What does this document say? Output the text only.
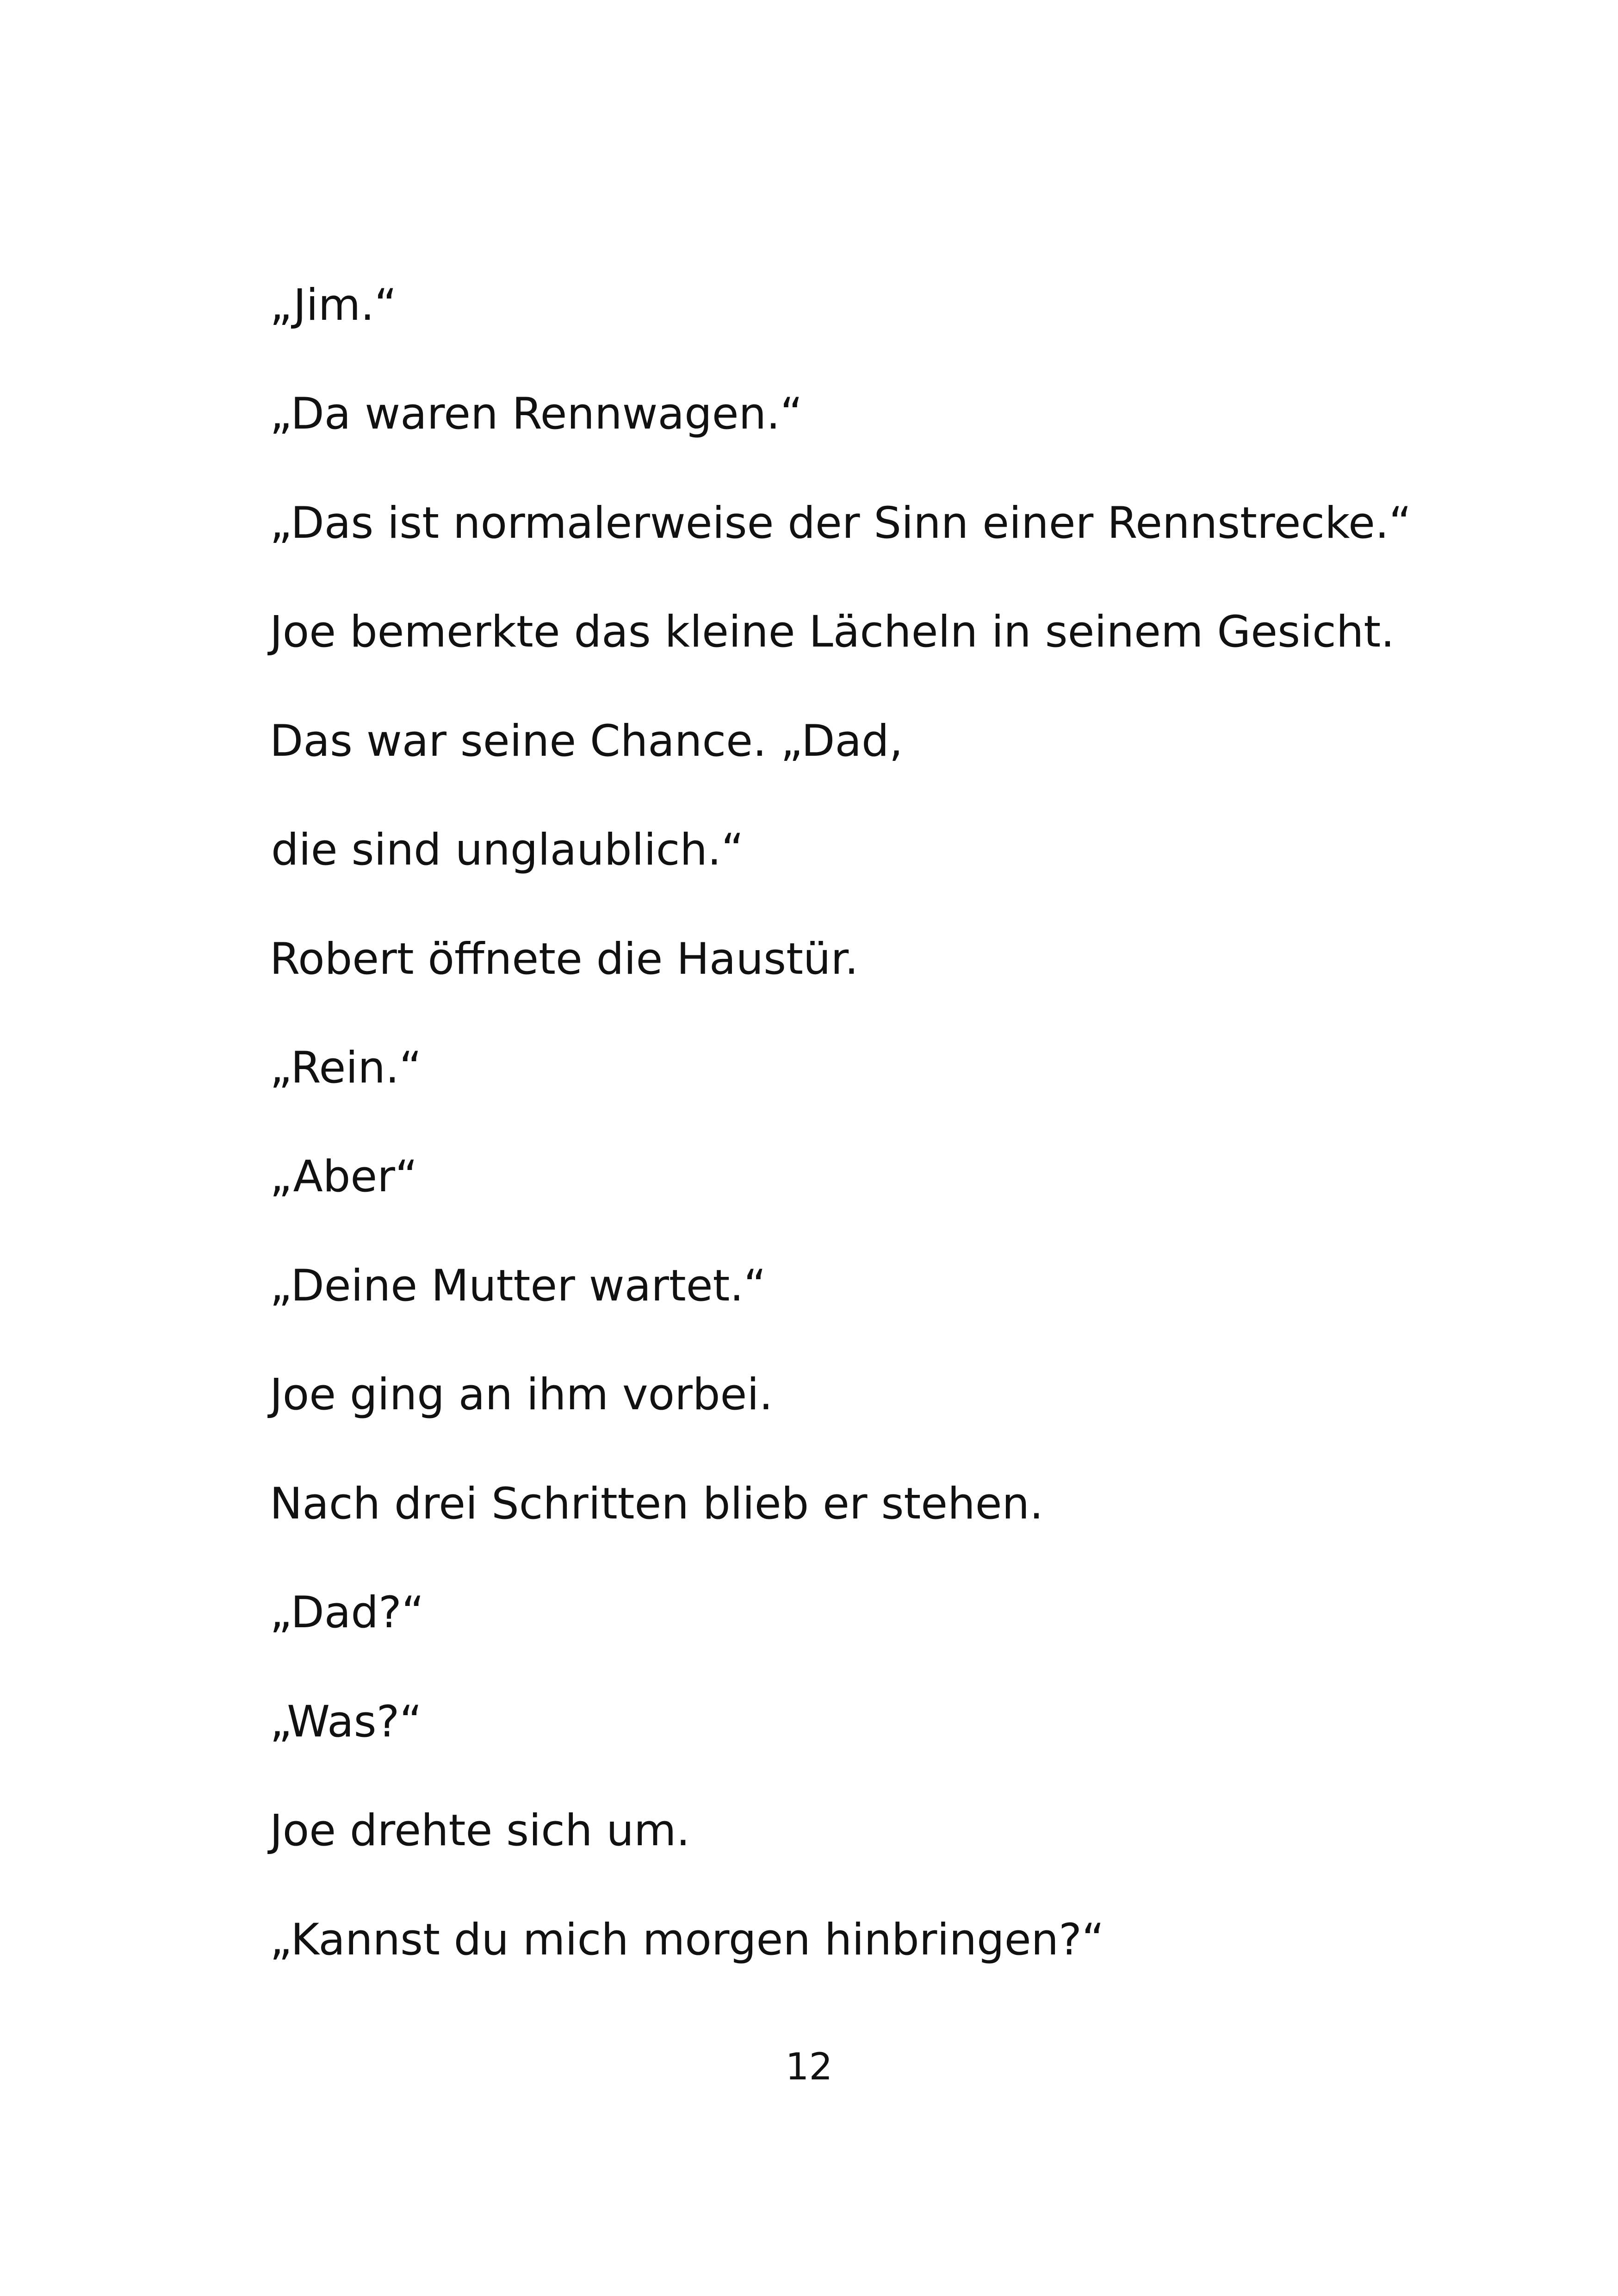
„Jim.“

„Da waren Rennwagen.“

„Das ist normalerweise der Sinn einer Rennstrecke.“

Joe bemerkte das kleine Lächeln in seinem Gesicht.

Das war seine Chance. „Dad,

die sind unglaublich.“

Robert öffnete die Haustür.

„Rein.“

„Aber“

„Deine Mutter wartet.“

Joe ging an ihm vorbei.

Nach drei Schritten blieb er stehen.

„Dad?“

„Was?“

Joe drehte sich um.

„Kannst du mich morgen hinbringen?“

12
